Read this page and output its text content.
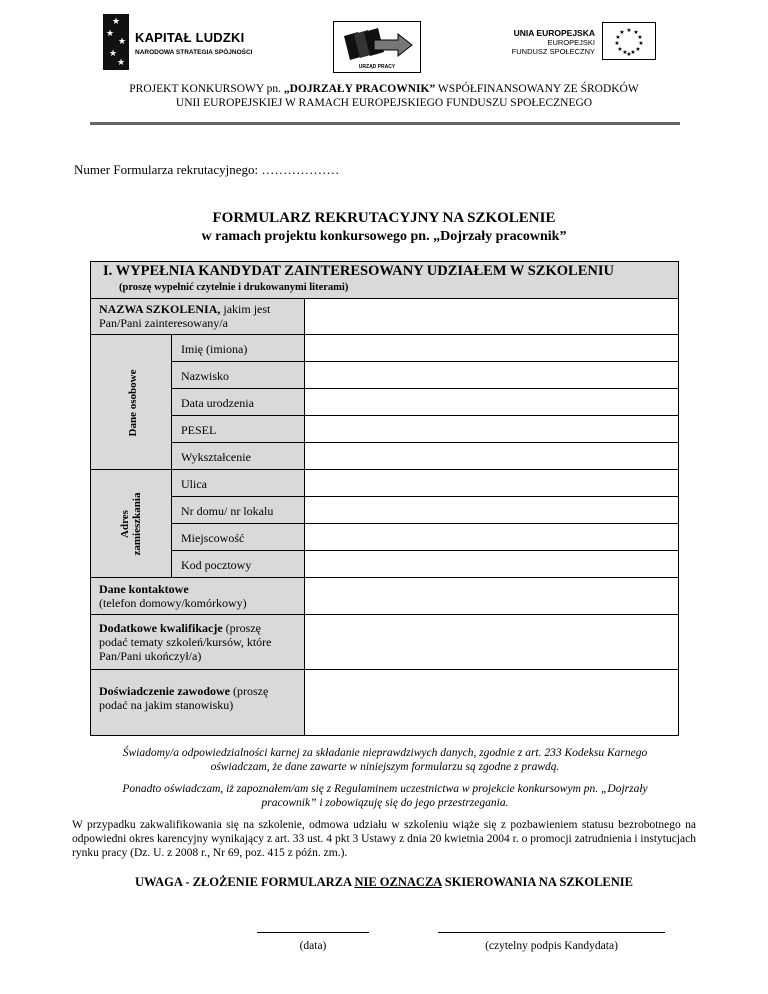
★
★
★
★
★
KAPITAŁ LUDZKI
NARODOWA STRATEGIA SPÓJNOŚCI
URZĄD PRACY
UNIA EUROPEJSKA
EUROPEJSKI
FUNDUSZ SPOŁECZNY
★ ★
★
★
★
★
★
★
★
★
★
★
PROJEKT KONKURSOWY pn. „DOJRZAŁY PRACOWNIK” WSPÓŁFINANSOWANY ZE ŚRODKÓW
UNII EUROPEJSKIEJ W RAMACH EUROPEJSKIEGO FUNDUSZU SPOŁECZNEGO
Numer Formularza rekrutacyjnego: ………………
FORMULARZ REKRUTACYJNY NA SZKOLENIE
w ramach projektu konkursowego pn. „Dojrzały pracownik”
I. WYPEŁNIA KANDYDAT ZAINTERESOWANY UDZIAŁEM W SZKOLENIU
(proszę wypełnić czytelnie i drukowanymi literami)
NAZWA SZKOLENIA, jakim jest
Pan/Pani zainteresowany/a
Dane osobowe
Imię (imiona)
Nazwisko
Data urodzenia
PESEL
Wykształcenie
Adres
zamieszkania
Ulica
Nr domu/ nr lokalu
Miejscowość
Kod pocztowy
Dane kontaktowe
(telefon domowy/komórkowy)
Dodatkowe kwalifikacje (proszę
podać tematy szkoleń/kursów, które
Pan/Pani ukończył/a)
Doświadczenie zawodowe (proszę
podać na jakim stanowisku)
Świadomy/a odpowiedzialności karnej za składanie nieprawdziwych danych, zgodnie z art. 233 Kodeksu Karnego
oświadczam, że dane zawarte w niniejszym formularzu są zgodne z prawdą.
Ponadto oświadczam, iż zapoznałem/am się z Regulaminem uczestnictwa w projekcie konkursowym pn. „Dojrzały
pracownik” i zobowiązuję się do jego przestrzegania.
W przypadku zakwalifikowania się na szkolenie, odmowa udziału w szkoleniu wiąże się z pozbawieniem statusu bezrobotnego na odpowiedni okres karencyjny wynikający z art. 33 ust. 4 pkt 3 Ustawy z dnia 20 kwietnia 2004 r. o promocji zatrudnienia i instytucjach rynku pracy (Dz. U. z 2008 r., Nr 69, poz. 415 z późn. zm.).
UWAGA - ZŁOŻENIE FORMULARZA NIE OZNACZA SKIEROWANIA NA SZKOLENIE
(data)	(czytelny podpis Kandydata)
